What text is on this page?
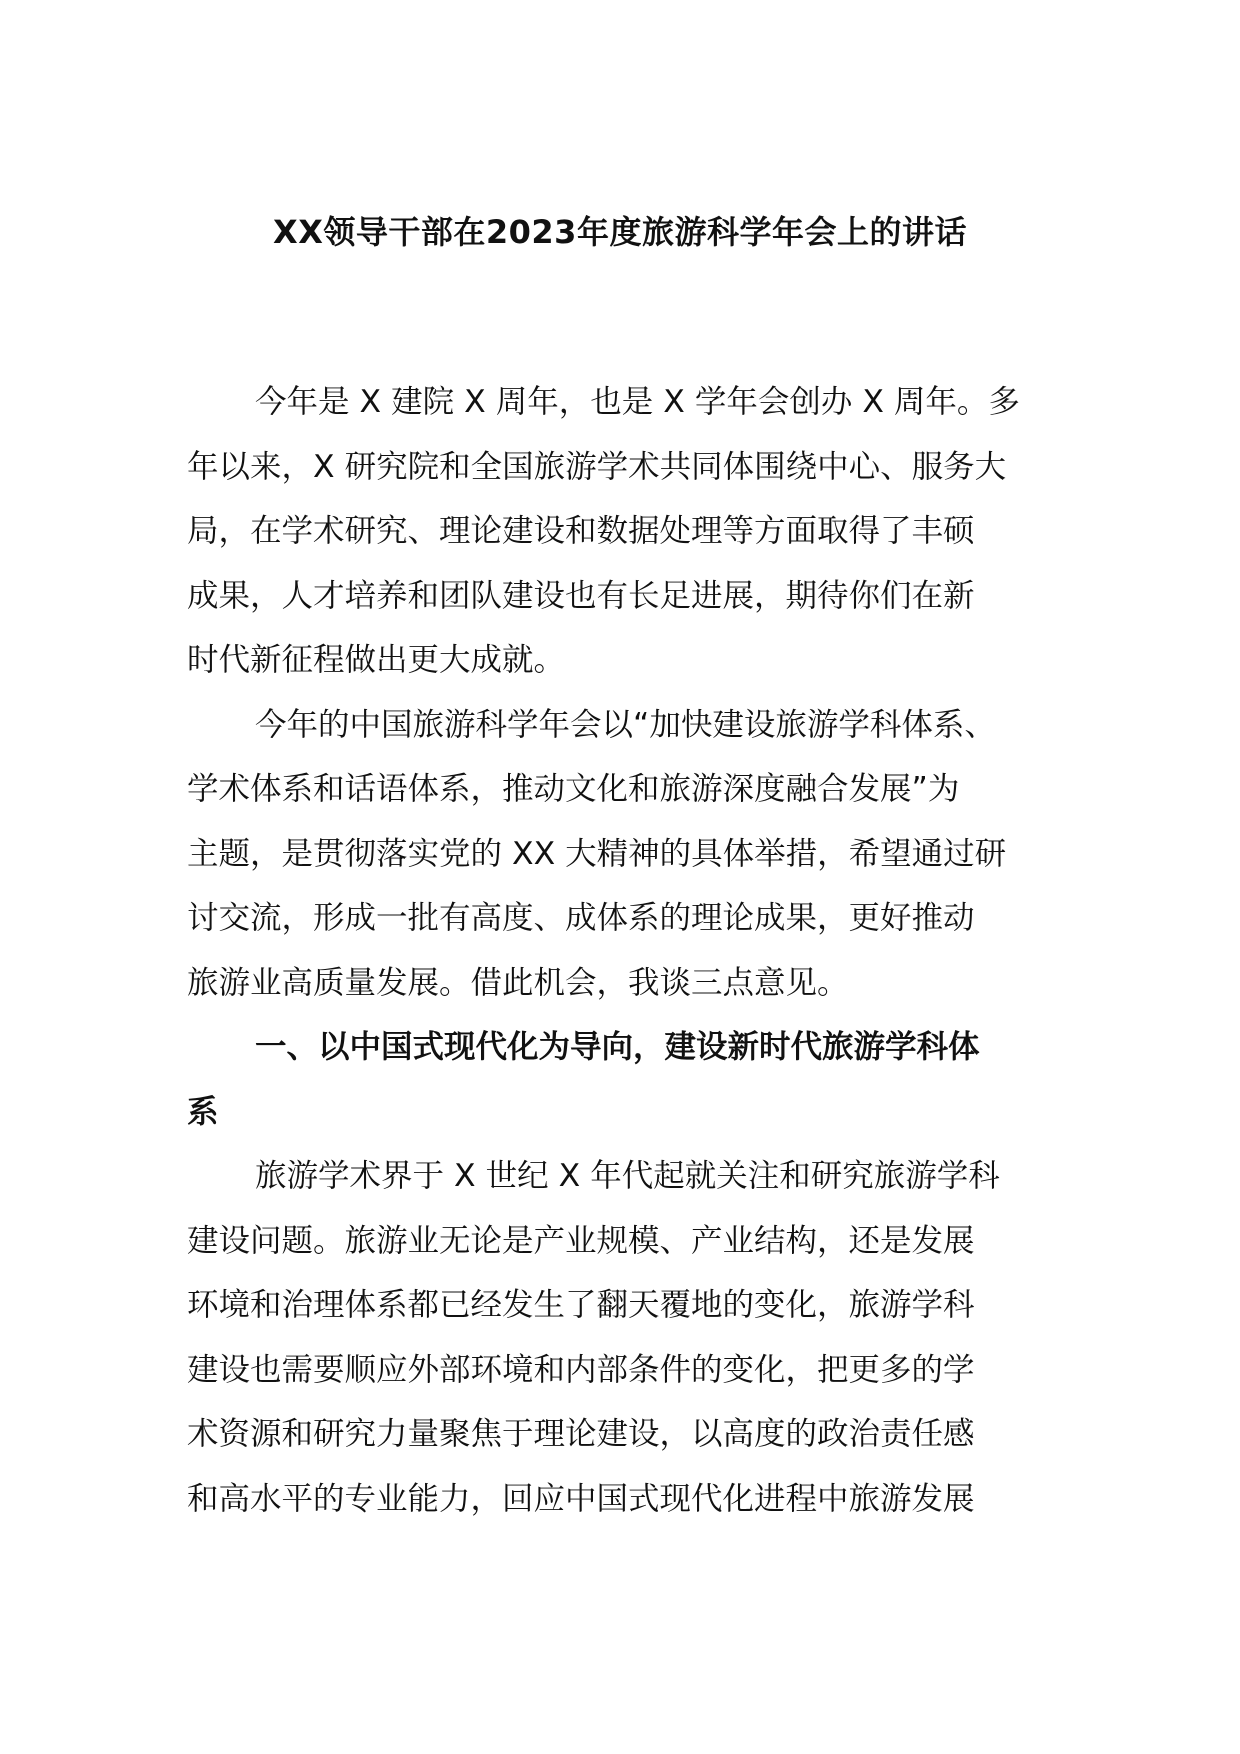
XX领导干部在2023年度旅游科学年会上的讲话
今年是 X 建院 X 周年，也是 X 学年会创办 X 周年。多
年以来，X 研究院和全国旅游学术共同体围绕中心、服务大
局，在学术研究、理论建设和数据处理等方面取得了丰硕
成果，人才培养和团队建设也有长足进展，期待你们在新
时代新征程做出更大成就。
今年的中国旅游科学年会以“加快建设旅游学科体系、
学术体系和话语体系，推动文化和旅游深度融合发展”为
主题，是贯彻落实党的 XX 大精神的具体举措，希望通过研
讨交流，形成一批有高度、成体系的理论成果，更好推动
旅游业高质量发展。借此机会，我谈三点意见。
一、以中国式现代化为导向，建设新时代旅游学科体
系
旅游学术界于 X 世纪 X 年代起就关注和研究旅游学科
建设问题。旅游业无论是产业规模、产业结构，还是发展
环境和治理体系都已经发生了翻天覆地的变化，旅游学科
建设也需要顺应外部环境和内部条件的变化，把更多的学
术资源和研究力量聚焦于理论建设，以高度的政治责任感
和高水平的专业能力，回应中国式现代化进程中旅游发展
